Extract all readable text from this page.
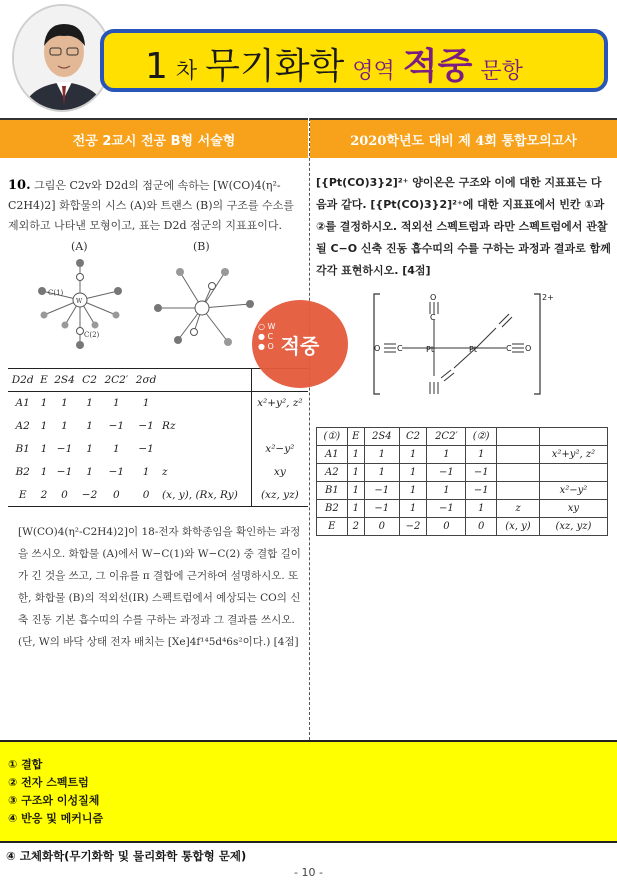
1 차 무기화학 영역 적중 문항
전공 2교시 전공 B형 서술형	2020학년도 대비 제 4회 통합모의고사
10. 그림은 C2v와 D2d의 점군에 속하는 [W(CO)4(η²-C2H4)2] 화합물의 시스 (A)와 트랜스 (B)의 구조를 수소를 제외하고 나타낸 모형이고, 표는 D2d 점군의 지표표이다.
(A)	(B)
C(1)
W
C(2)
D2d	E	2S4	C2	2C2′	2σd		
A1	1	1	1	1	1		x²+y², z²
A2	1	1	1	−1	−1	Rz	
B1	1	−1	1	1	−1		x²−y²
B2	1	−1	1	−1	1	z	xy
E	2	0	−2	0	0	(x, y), (Rx, Ry)	(xz, yz)
[W(CO)4(η²-C2H4)2]이 18-전자 화학종임을 확인하는 과정을 쓰시오. 화합물 (A)에서 W−C(1)와 W−C(2) 중 결합 길이가 긴 것을 쓰고, 그 이유를 π 결합에 근거하여 설명하시오. 또한, 화합물 (B)의 적외선(IR) 스펙트럼에서 예상되는 CO의 신축 진동 기본 흡수띠의 수를 구하는 과정과 그 결과를 쓰시오. (단, W의 바닥 상태 전자 배치는 [Xe]4f¹⁴5d⁴6s²이다.) [4점]
적중
○ W
● C
● O
[{Pt(CO)3}2]²⁺ 양이온은 구조와 이에 대한 지표표는 다음과 같다. [{Pt(CO)3}2]²⁺에 대한 지표표에서 빈칸 ①과 ②를 결정하시오. 적외선 스펙트럼과 라만 스펙트럼에서 관찰될 C−O 신축 진동 흡수띠의 수를 구하는 과정과 결과로 함께 각각 표현하시오. [4점]
2+
Pt	Pt
O
C
O C	C O
(①)	E	2S4	C2	2C2′	(②)		
A1	1	1	1	1	1		x²+y², z²
A2	1	1	1	−1	−1		
B1	1	−1	1	1	−1		x²−y²
B2	1	−1	1	−1	1	z	xy
E	2	0	−2	0	0	(x, y)	(xz, yz)
① 결합
② 전자 스펙트럼
③ 구조와 이성질체
④ 반응 및 메커니즘
④ 고체화학(무기화학 및 물리화학 통합형 문제)
- 10 -
